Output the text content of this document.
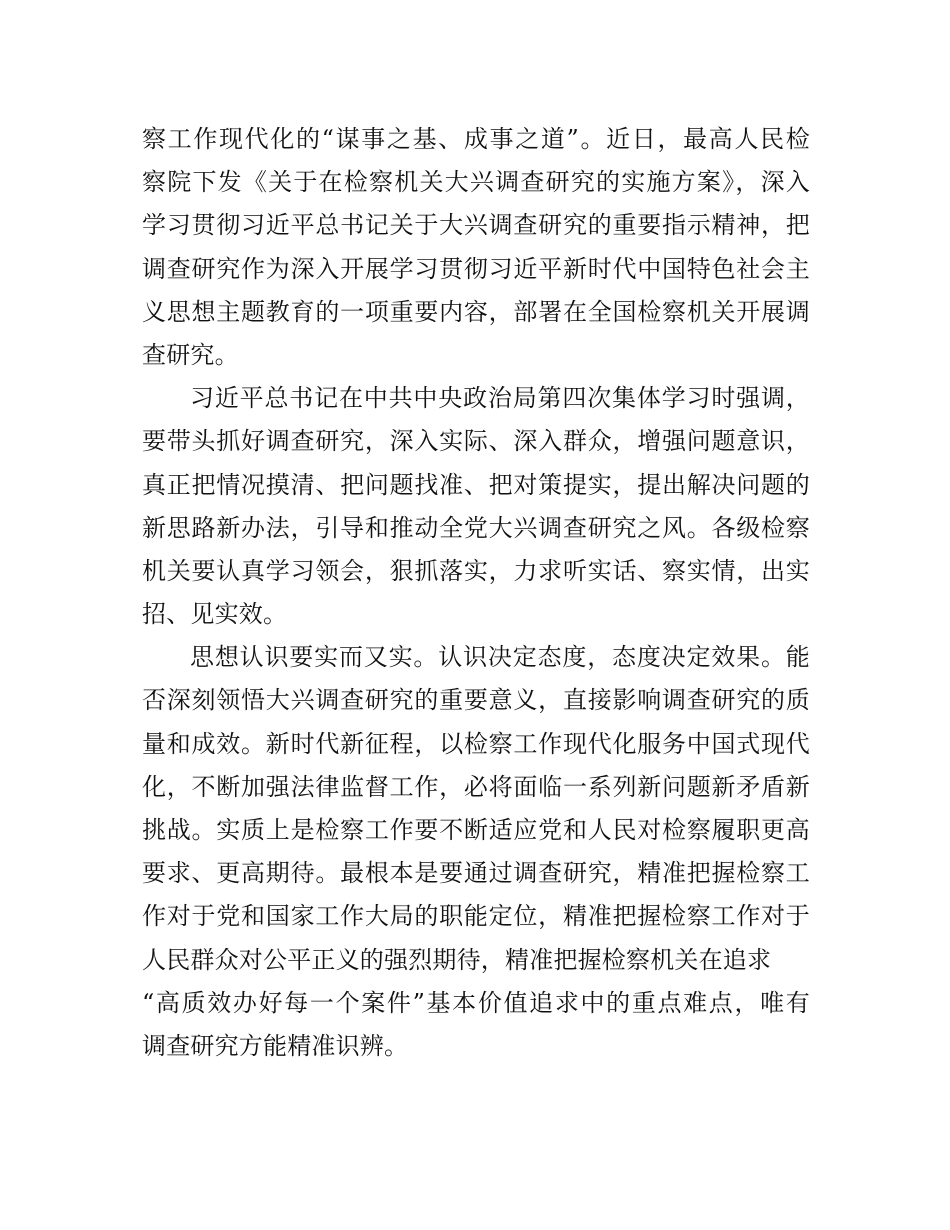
察工作现代化的“谋事之基、成事之道”。近日，最高人民检
察院下发《关于在检察机关大兴调查研究的实施方案》，深入
学习贯彻习近平总书记关于大兴调查研究的重要指示精神，把
调查研究作为深入开展学习贯彻习近平新时代中国特色社会主
义思想主题教育的一项重要内容，部署在全国检察机关开展调
查研究。
习近平总书记在中共中央政治局第四次集体学习时强调，
要带头抓好调查研究，深入实际、深入群众，增强问题意识，
真正把情况摸清、把问题找准、把对策提实，提出解决问题的
新思路新办法，引导和推动全党大兴调查研究之风。各级检察
机关要认真学习领会，狠抓落实，力求听实话、察实情，出实
招、见实效。
思想认识要实而又实。认识决定态度，态度决定效果。能
否深刻领悟大兴调查研究的重要意义，直接影响调查研究的质
量和成效。新时代新征程，以检察工作现代化服务中国式现代
化，不断加强法律监督工作，必将面临一系列新问题新矛盾新
挑战。实质上是检察工作要不断适应党和人民对检察履职更高
要求、更高期待。最根本是要通过调查研究，精准把握检察工
作对于党和国家工作大局的职能定位，精准把握检察工作对于
人民群众对公平正义的强烈期待，精准把握检察机关在追求
“高质效办好每一个案件”基本价值追求中的重点难点，唯有
调查研究方能精准识辨。
